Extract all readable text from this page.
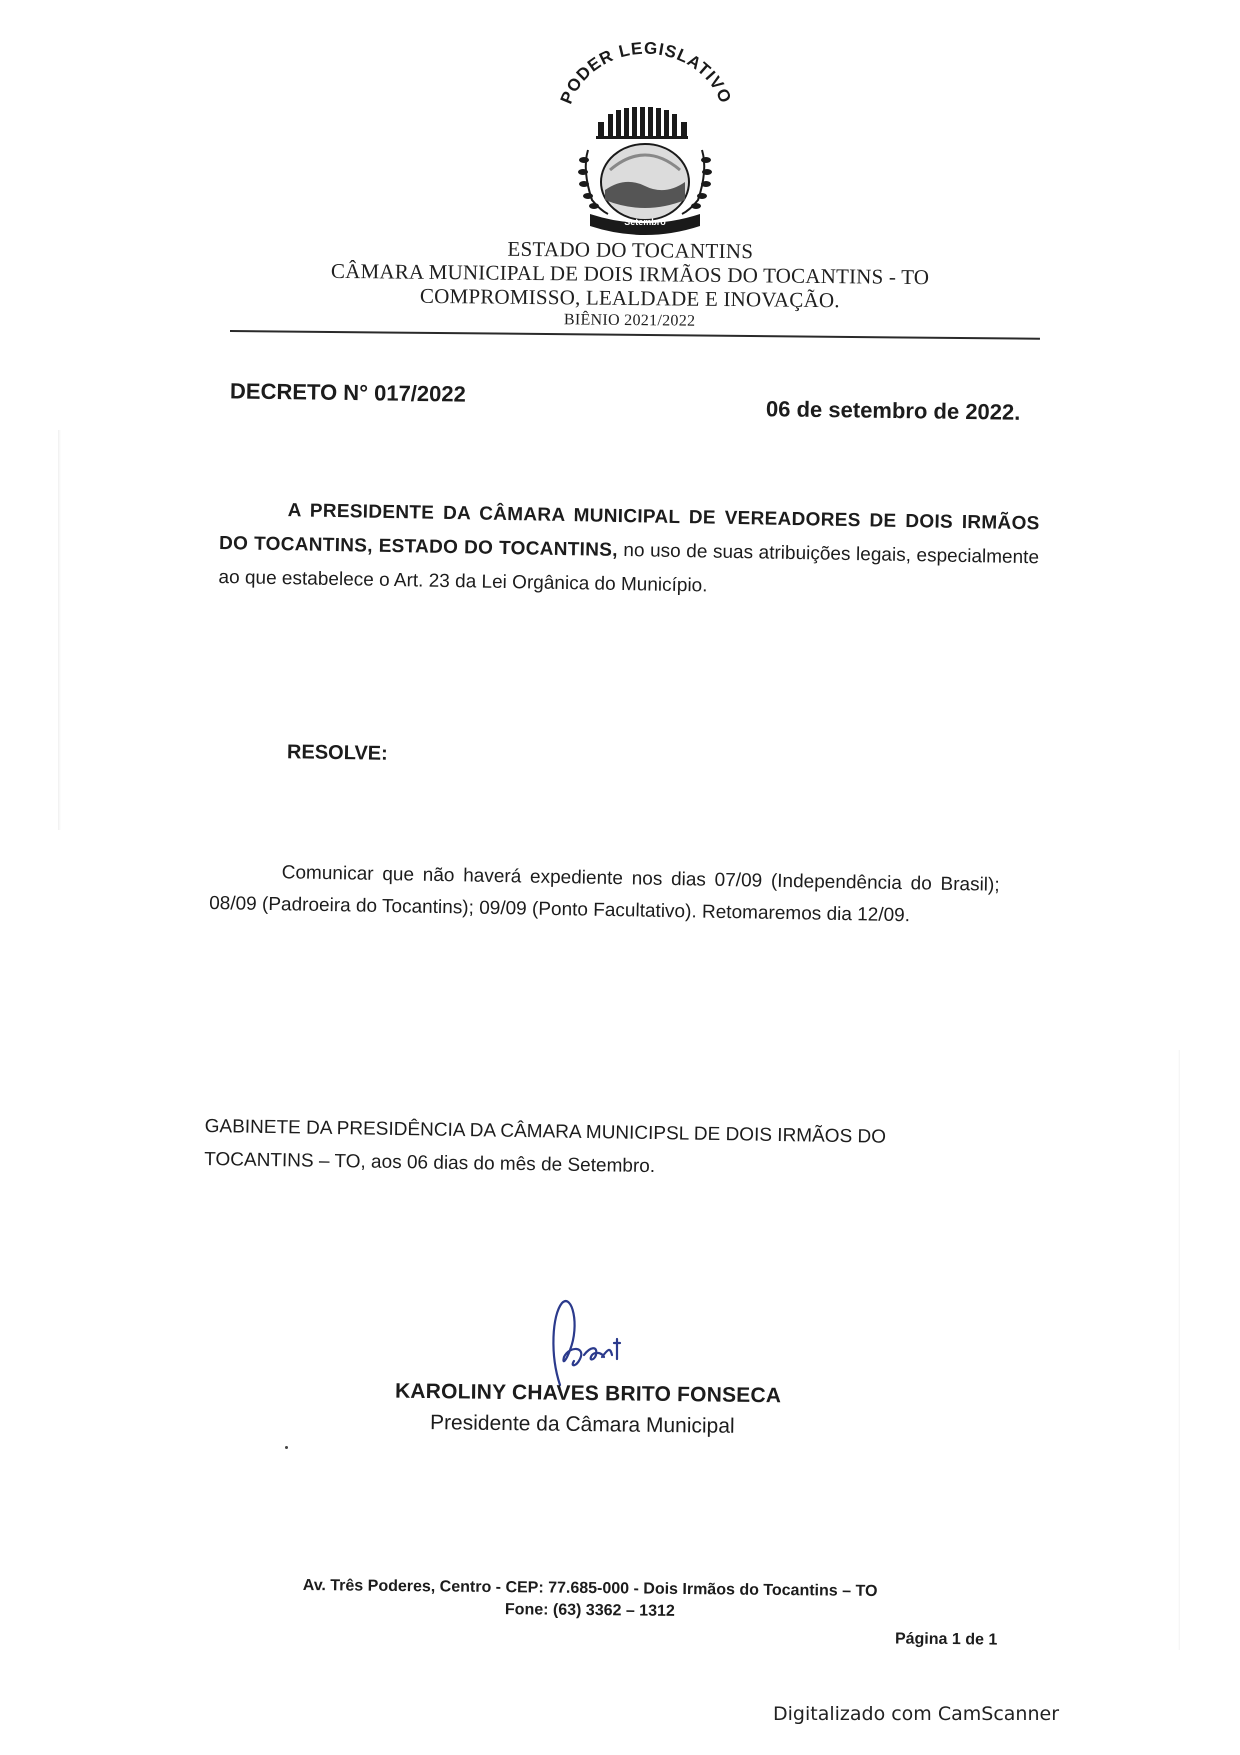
PODER LEGISLATIVO
Setembro
ESTADO DO TOCANTINS
CÂMARA MUNICIPAL DE DOIS IRMÃOS DO TOCANTINS - TO
COMPROMISSO, LEALDADE E INOVAÇÃO.
BIÊNIO 2021/2022
DECRETO N° 017/2022
06 de setembro de 2022.
A PRESIDENTE DA CÂMARA MUNICIPAL DE VEREADORES DE DOIS IRMÃOS DO TOCANTINS, ESTADO DO TOCANTINS, no uso de suas atribuições legais, especialmente ao que estabelece o Art. 23 da Lei Orgânica do Município.
RESOLVE:
Comunicar que não haverá expediente nos dias 07/09 (Independência do Brasil); 08/09 (Padroeira do Tocantins); 09/09 (Ponto Facultativo). Retomaremos dia 12/09.
GABINETE DA PRESIDÊNCIA DA CÂMARA MUNICIPSL DE DOIS IRMÃOS DO TOCANTINS – TO, aos 06 dias do mês de Setembro.
KAROLINY CHAVES BRITO FONSECA
Presidente da Câmara Municipal
Av. Três Poderes, Centro - CEP: 77.685-000 - Dois Irmãos do Tocantins – TO
Fone: (63) 3362 – 1312
Página 1 de 1
Digitalizado com CamScanner
